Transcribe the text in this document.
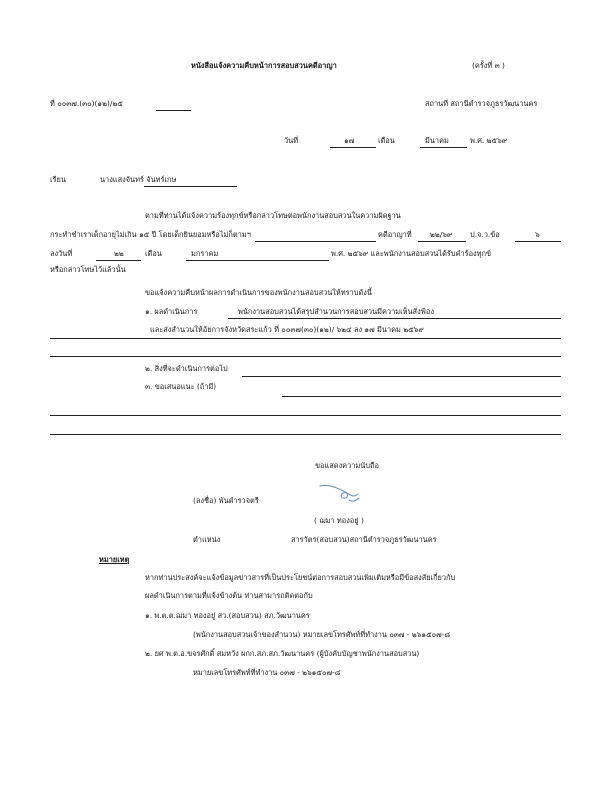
หนังสือแจ้งความคืบหน้าการสอบสวนคดีอาญา	(ครั้งที่ ๓ )
ที่ ๐๐๓๗.(๓๐)(๑๒)/๒๕	สถานที่ สถานีตำรวจภูธรวัฒนานคร
วันที่	๑๗	เดือน	มีนาคม	พ.ศ. ๒๕๖๙
เรียน	นางแสงจันทร์ จันทร์เกษ
ตามที่ท่านได้แจ้งความร้องทุกข์หรือกล่าวโทษต่อพนักงานสอบสวนในความผิดฐาน
กระทำชำเราเด็กอายุไม่เกิน ๑๕ ปี โดยเด็กยินยอมหรือไม่ก็ตามฯ	คดีอาญาที่ ๒๒/๖๙ ป.จ.ว.ข้อ	๖
ลงวันที่	๒๒	เดือน	มกราคม	พ.ศ. ๒๕๖๙ และพนักงานสอบสวนได้รับคำร้องทุกข์
หรือกล่าวโทษไว้แล้วนั้น
ขอแจ้งความคืบหน้าผลการดำเนินการของพนักงานสอบสวนให้ทราบดังนี้
๑. ผลดำเนินการ	พนักงานสอบสวนได้สรุปสำนวนการสอบสวนมีความเห็นสั่งฟ้อง
และส่งสำนวนให้อัยการจังหวัดสระแก้ว ที่ ๐๐๓๗(๓๐)(๑๒)/ ๖๒๔ ลง ๑๗ มีนาคม ๒๕๖๙
๒. สิ่งที่จะดำเนินการต่อไป
๓. ขอเสนอแนะ (ถ้ามี)
ขอแสดงความนับถือ
(ลงชื่อ) พันตำรวจตรี
( ฌมา ทองอยู่ )
ตำแหน่ง	สารวัตร(สอบสวน)สถานีตำรวจภูธรวัฒนานคร
หมายเหตุ
หากท่านประสงค์จะแจ้งข้อมูลข่าวสารที่เป็นประโยชน์ต่อการสอบสวนเพิ่มเติมหรือมีข้อสงสัยเกี่ยวกับ
ผลดำเนินการตามที่แจ้งข้างต้น ท่านสามารถติดต่อกับ
๑. พ.ต.ต.ฌมา ทองอยู่ สว.(สอบสวน) สภ.วัฒนานคร
(พนักงานสอบสวนเจ้าของสำนวน) หมายเลขโทรศัพท์ที่ทำงาน ๐๓๗ - ๒๖๑๕๐๗-๘
๒. ยศ พ.ต.อ.ขจรศักดิ์ สมหวัง ผกก.สภ.สภ.วัฒนานคร (ผู้บังคับบัญชาพนักงานสอบสวน)
หมายเลขโทรศัพท์ที่ทำงาน ๐๓๗ - ๒๖๑๕๐๗-๘
